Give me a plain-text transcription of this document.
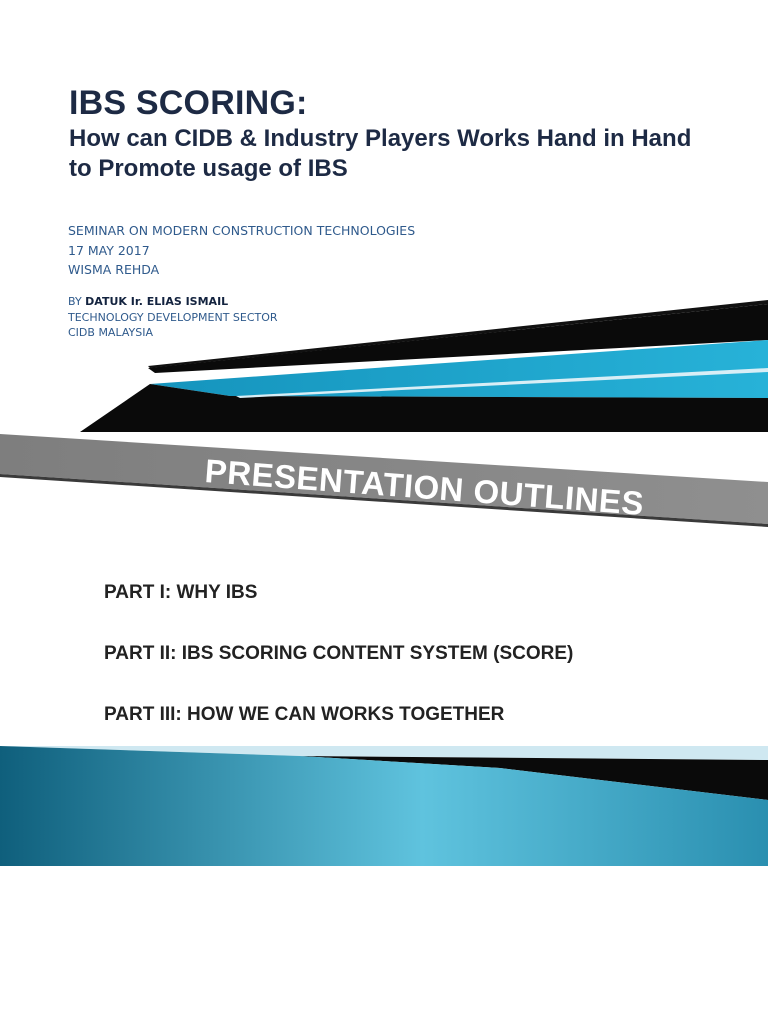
IBS SCORING:
How can CIDB & Industry Players Works Hand in Hand to Promote usage of IBS
SEMINAR ON MODERN CONSTRUCTION TECHNOLOGIES
17 MAY 2017
WISMA REHDA
BY DATUK Ir. ELIAS ISMAIL
TECHNOLOGY DEVELOPMENT SECTOR
CIDB MALAYSIA
PRESENTATION OUTLINES
PART I: WHY IBS
PART II: IBS SCORING CONTENT SYSTEM (SCORE)
PART III: HOW WE CAN WORKS TOGETHER
